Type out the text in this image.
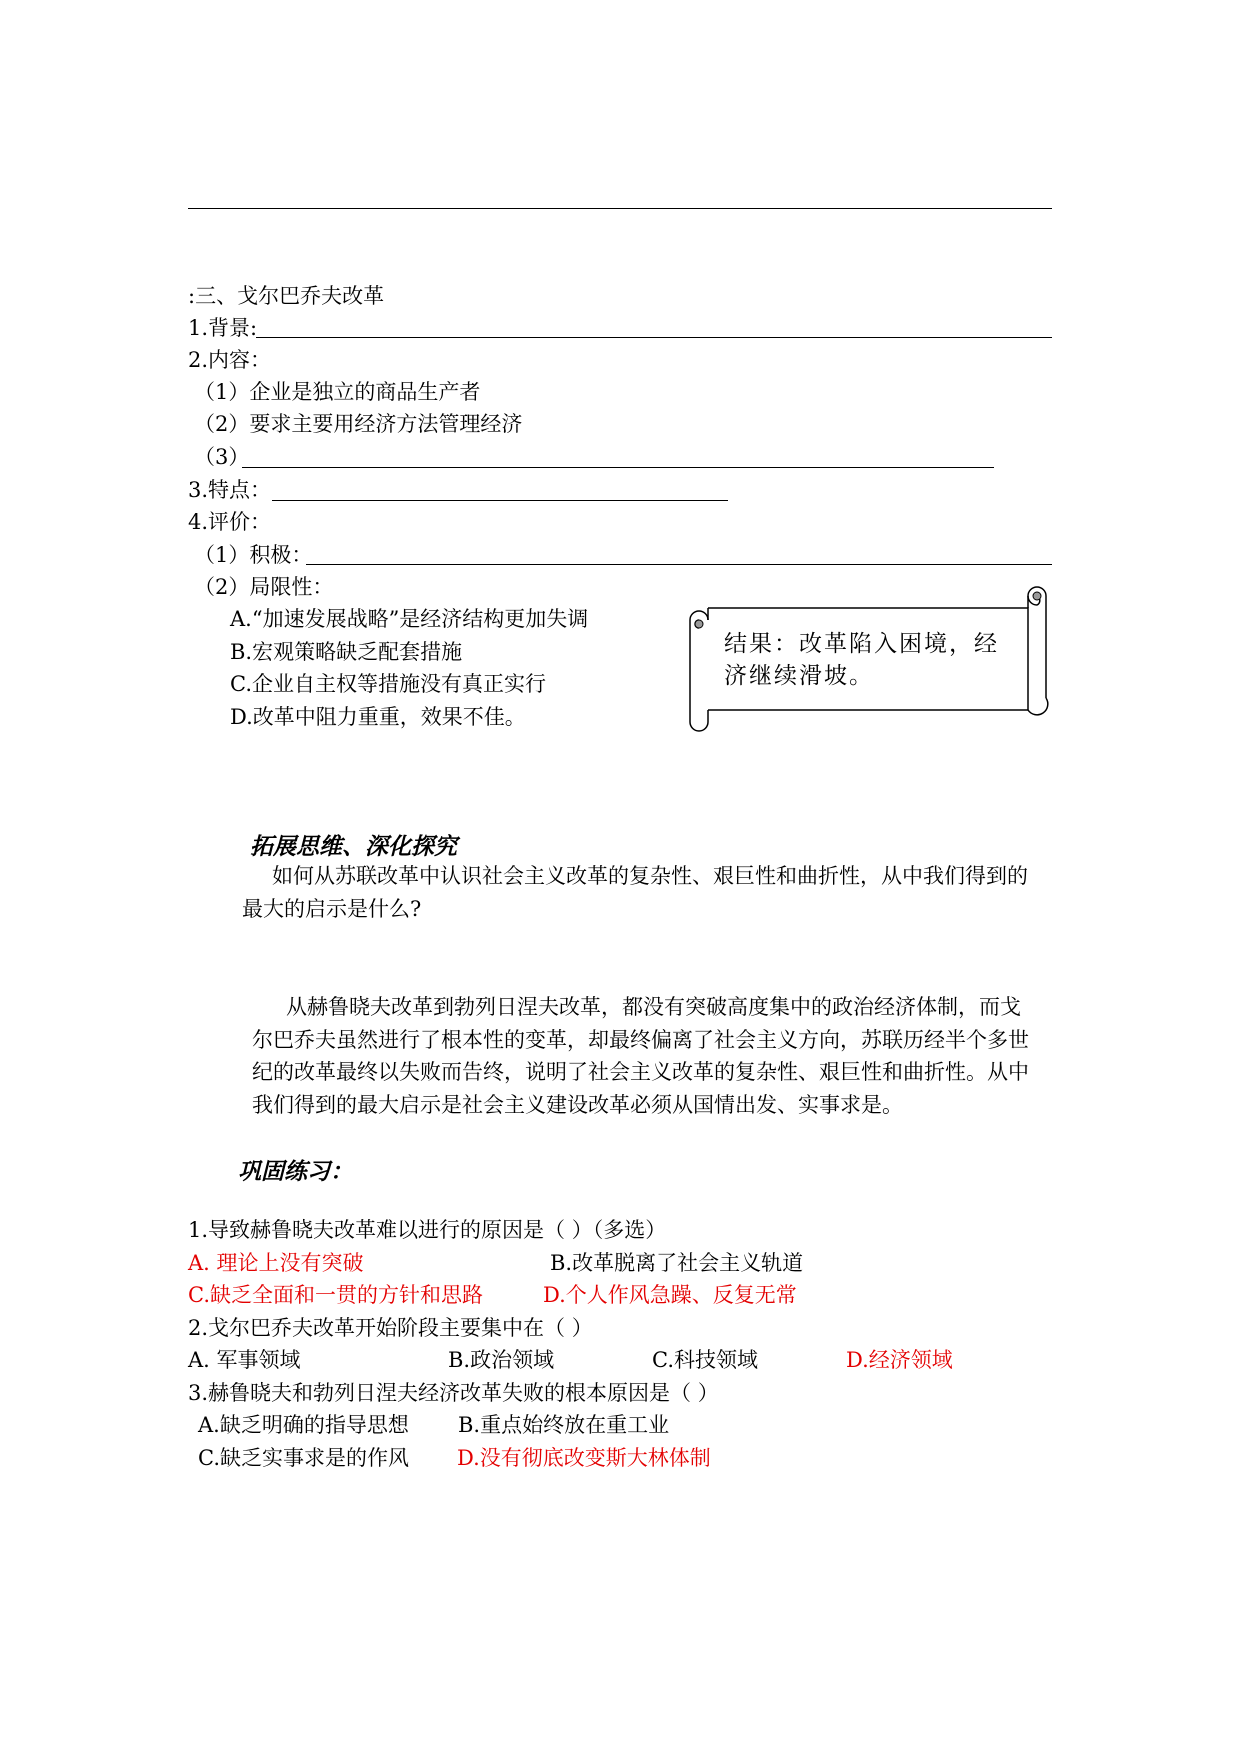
:三、戈尔巴乔夫改革
1.背景:
2.内容：
（1）企业是独立的商品生产者
（2）要求主要用经济方法管理经济
（3）
3.特点：
4.评价：
（1）积极：
（2）局限性：
A.“加速发展战略”是经济结构更加失调
B.宏观策略缺乏配套措施
C.企业自主权等措施没有真正实行
D.改革中阻力重重，效果不佳。
结果：改革陷入困境，经
济继续滑坡。
拓展思维、深化探究
如何从苏联改革中认识社会主义改革的复杂性、艰巨性和曲折性，从中我们得到的
最大的启示是什么?
从赫鲁晓夫改革到勃列日涅夫改革，都没有突破高度集中的政治经济体制，而戈
尔巴乔夫虽然进行了根本性的变革，却最终偏离了社会主义方向，苏联历经半个多世
纪的改革最终以失败而告终，说明了社会主义改革的复杂性、艰巨性和曲折性。从中
我们得到的最大启示是社会主义建设改革必须从国情出发、实事求是。
巩固练习：
1.导致赫鲁晓夫改革难以进行的原因是（ ）（多选）
A. 理论上没有突破	B.改革脱离了社会主义轨道
C.缺乏全面和一贯的方针和思路	D.个人作风急躁、反复无常
2.戈尔巴乔夫改革开始阶段主要集中在（ ）
A. 军事领域	B.政治领域	C.科技领域	D.经济领域
3.赫鲁晓夫和勃列日涅夫经济改革失败的根本原因是（ ）
A.缺乏明确的指导思想 B.重点始终放在重工业
C.缺乏实事求是的作风 D.没有彻底改变斯大林体制
